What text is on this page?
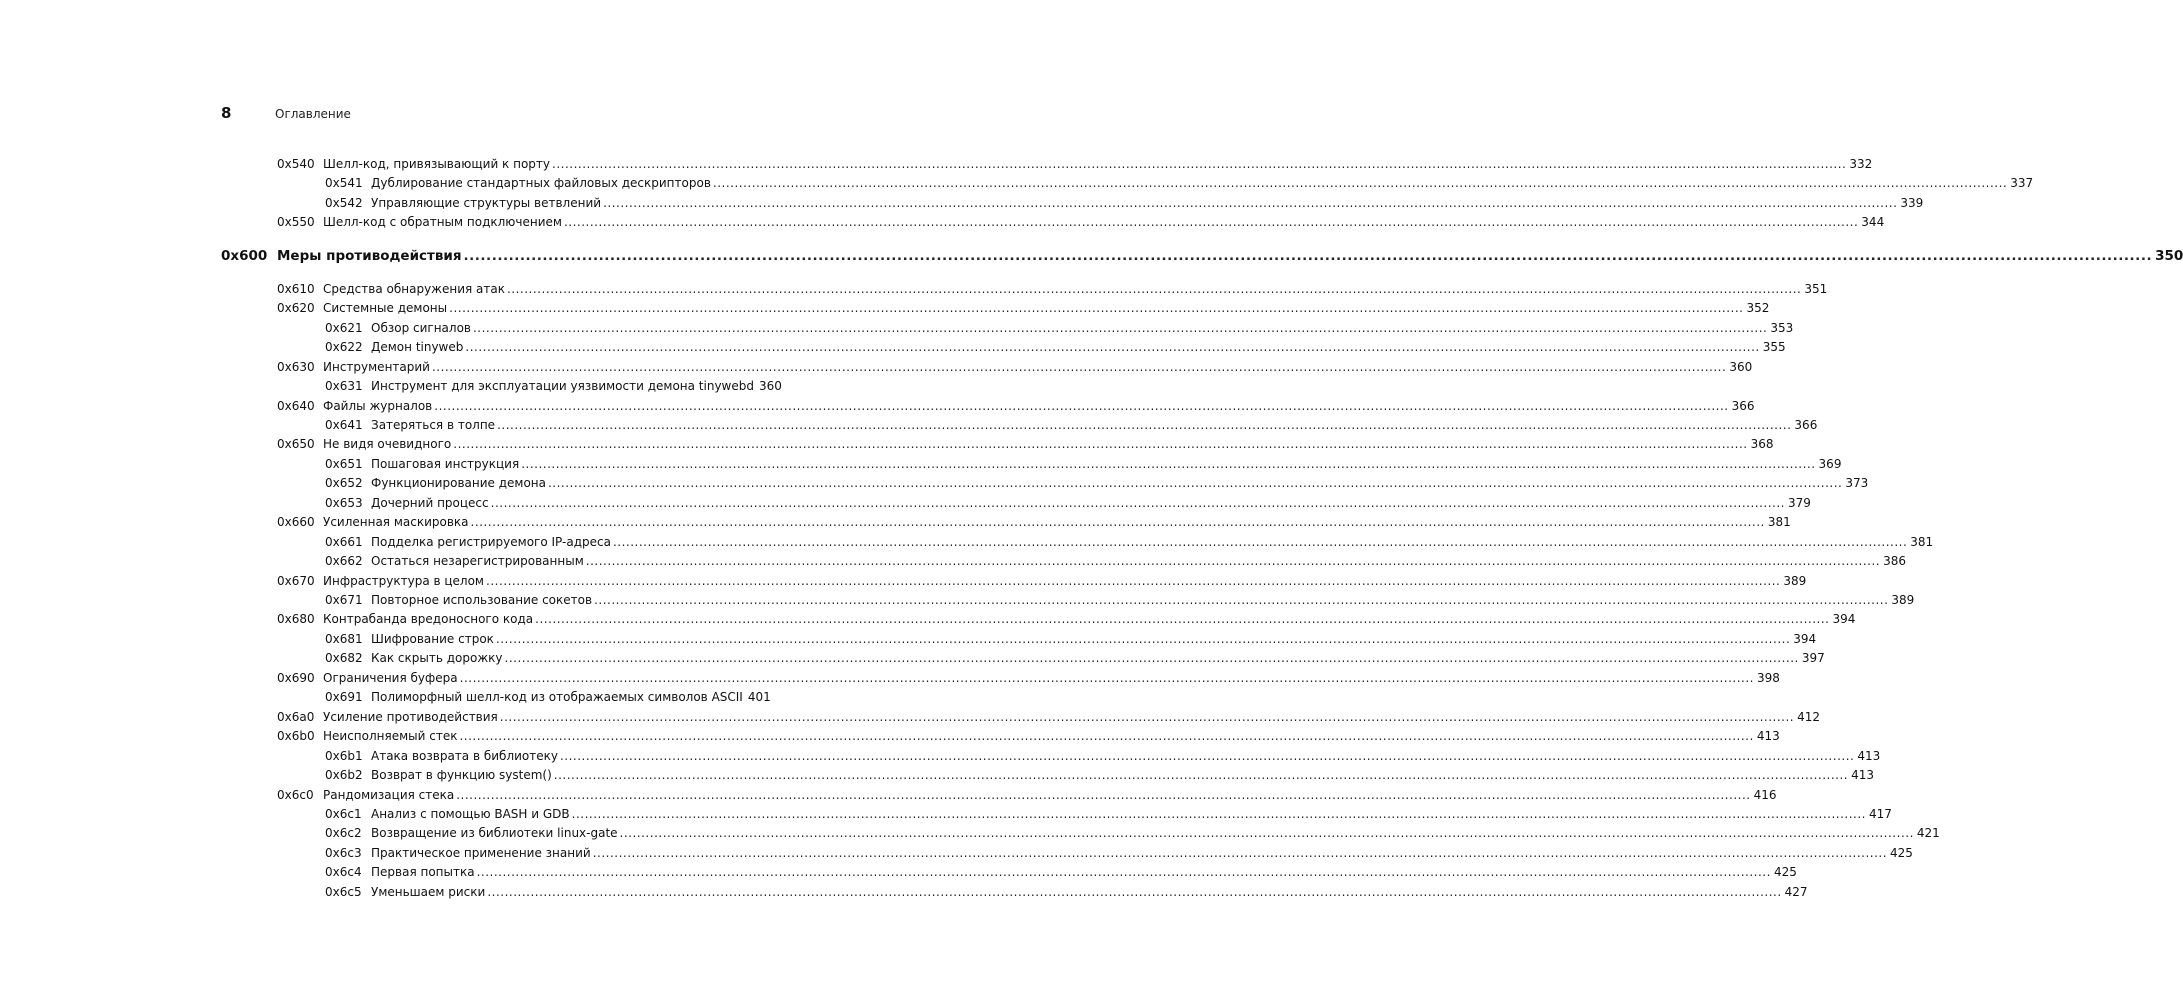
8	Оглавление
0x540 Шелл-код, привязывающий к порту ............................................................................................................................................................................................................................................................................................................ 332
0x541 Дублирование стандартных файловых дескрипторов ............................................................................................................................................................................................................................................................................................................ 337
0x542 Управляющие структуры ветвлений ............................................................................................................................................................................................................................................................................................................ 339
0x550 Шелл-код с обратным подключением ............................................................................................................................................................................................................................................................................................................ 344
0x600 Меры противодействия ............................................................................................................................................................................................................................................................................................................ 350
0x610 Средства обнаружения атак ............................................................................................................................................................................................................................................................................................................ 351
0x620 Системные демоны ............................................................................................................................................................................................................................................................................................................ 352
0x621 Обзор сигналов ............................................................................................................................................................................................................................................................................................................ 353
0x622 Демон tinyweb ............................................................................................................................................................................................................................................................................................................ 355
0x630 Инструментарий ............................................................................................................................................................................................................................................................................................................ 360
0x631 Инструмент для эксплуатации уязвимости демона tinywebd 360
0x640 Файлы журналов ............................................................................................................................................................................................................................................................................................................ 366
0x641 Затеряться в толпе ............................................................................................................................................................................................................................................................................................................ 366
0x650 Не видя очевидного ............................................................................................................................................................................................................................................................................................................ 368
0x651 Пошаговая инструкция ............................................................................................................................................................................................................................................................................................................ 369
0x652 Функционирование демона ............................................................................................................................................................................................................................................................................................................ 373
0x653 Дочерний процесс ............................................................................................................................................................................................................................................................................................................ 379
0x660 Усиленная маскировка ............................................................................................................................................................................................................................................................................................................ 381
0x661 Подделка регистрируемого IP-адреса ............................................................................................................................................................................................................................................................................................................ 381
0x662 Остаться незарегистрированным ............................................................................................................................................................................................................................................................................................................ 386
0x670 Инфраструктура в целом ............................................................................................................................................................................................................................................................................................................ 389
0x671 Повторное использование сокетов ............................................................................................................................................................................................................................................................................................................ 389
0x680 Контрабанда вредоносного кода ............................................................................................................................................................................................................................................................................................................ 394
0x681 Шифрование строк ............................................................................................................................................................................................................................................................................................................ 394
0x682 Как скрыть дорожку ............................................................................................................................................................................................................................................................................................................ 397
0x690 Ограничения буфера ............................................................................................................................................................................................................................................................................................................ 398
0x691 Полиморфный шелл-код из отображаемых символов ASCII 401
0x6a0 Усиление противодействия ............................................................................................................................................................................................................................................................................................................ 412
0x6b0 Неисполняемый стек ............................................................................................................................................................................................................................................................................................................ 413
0x6b1 Атака возврата в библиотеку ............................................................................................................................................................................................................................................................................................................ 413
0x6b2 Возврат в функцию system() ............................................................................................................................................................................................................................................................................................................ 413
0x6c0 Рандомизация стека ............................................................................................................................................................................................................................................................................................................ 416
0x6c1 Анализ с помощью BASH и GDB ............................................................................................................................................................................................................................................................................................................ 417
0x6c2 Возвращение из библиотеки linux-gate ............................................................................................................................................................................................................................................................................................................ 421
0x6c3 Практическое применение знаний ............................................................................................................................................................................................................................................................................................................ 425
0x6c4 Первая попытка ............................................................................................................................................................................................................................................................................................................ 425
0x6c5 Уменьшаем риски ............................................................................................................................................................................................................................................................................................................ 427
